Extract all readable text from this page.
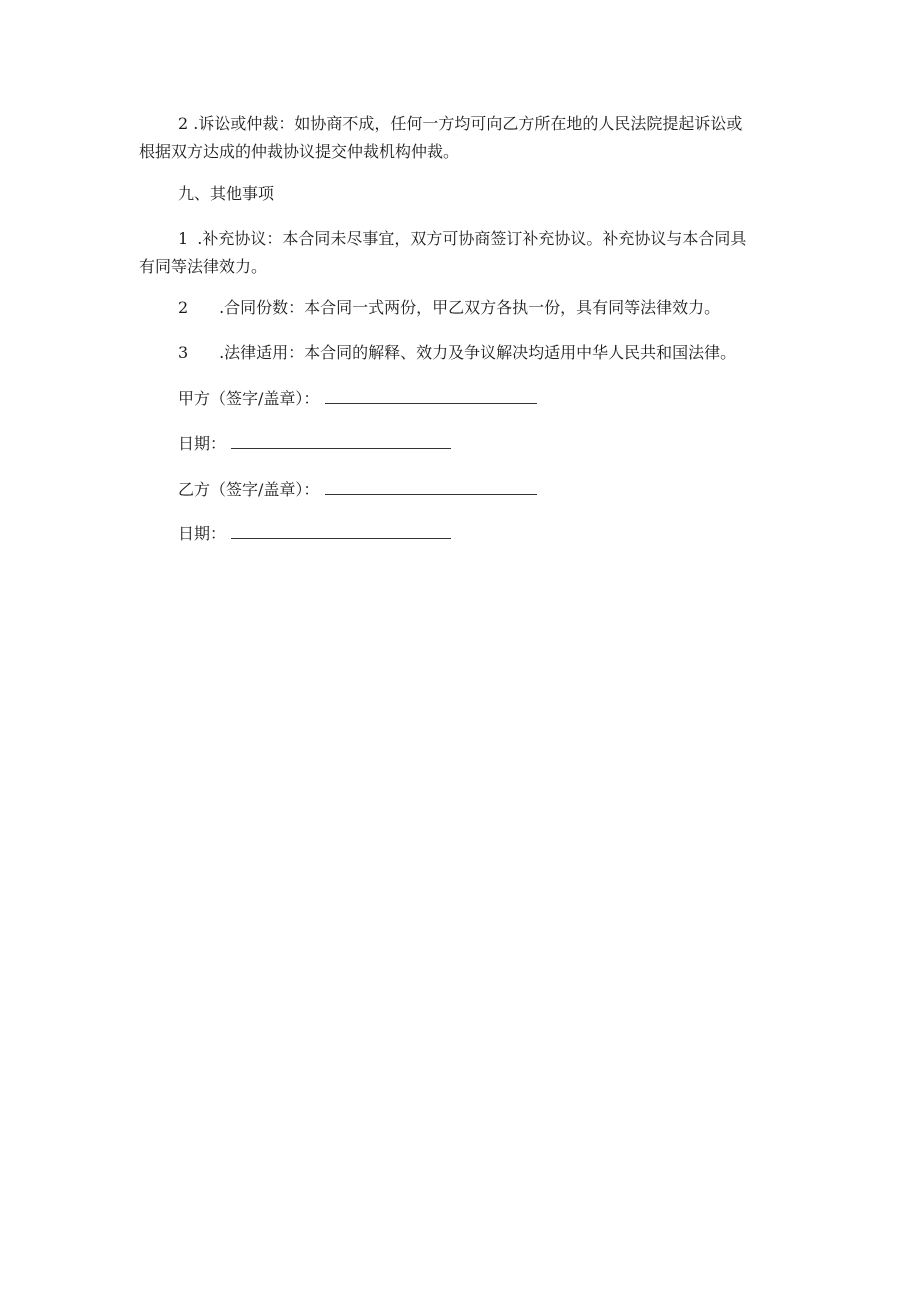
2 .诉讼或仲裁：如协商不成，任何一方均可向乙方所在地的人民法院提起诉讼或
根据双方达成的仲裁协议提交仲裁机构仲裁。
九、其他事项
1 .补充协议：本合同未尽事宜，双方可协商签订补充协议。补充协议与本合同具
有同等法律效力。
2 .合同份数：本合同一式两份，甲乙双方各执一份，具有同等法律效力。
3 .法律适用：本合同的解释、效力及争议解决均适用中华人民共和国法律。
甲方（签字/盖章）：
日期：
乙方（签字/盖章）：
日期：
